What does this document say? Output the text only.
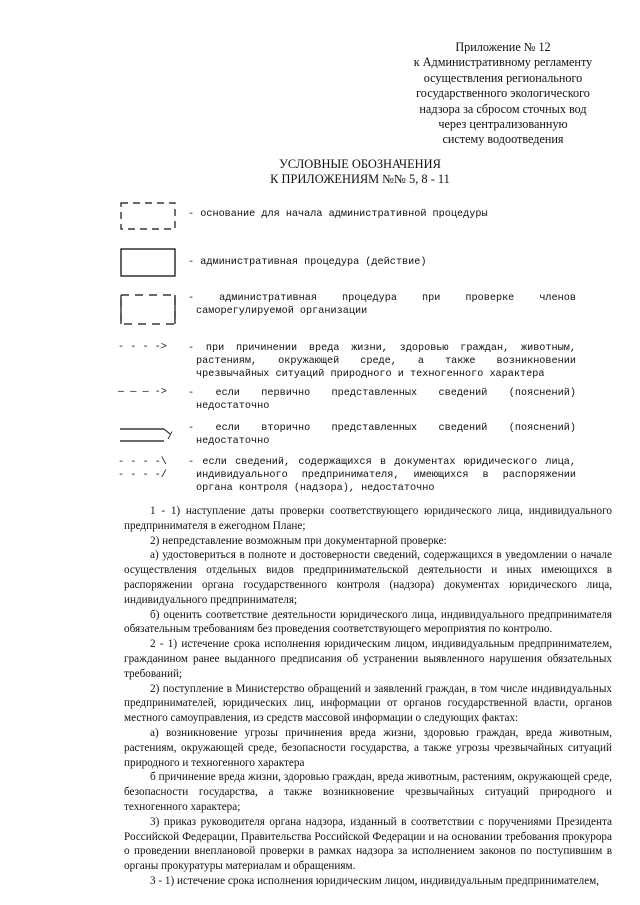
Приложение № 12
к Административному регламенту
осуществления регионального
государственного экологического
надзора за сбросом сточных вод
через централизованную
систему водоотведения
УСЛОВНЫЕ ОБОЗНАЧЕНИЯ
К ПРИЛОЖЕНИЯМ №№ 5, 8 - 11
- основание для начала административной процедуры
- административная процедура (действие)
- административная процедура при проверке членов
саморегулируемой организации
- - - -> - при причинении вреда жизни, здоровью граждан, животным,
растениям, окружающей среде, а также возникновении
чрезвычайных ситуаций природного и техногенного характера
— — — -> - если первично представленных сведений (пояснений)
недостаточно
/
- если вторично представленных сведений (пояснений)
недостаточно
- - - -\
- - - -/
- если сведений, содержащихся в документах юридического лица,
индивидуального предпринимателя, имеющихся в распоряжении
органа контроля (надзора), недостаточно

1 - 1) наступление даты проверки соответствующего юридического лица, индивидуального предпринимателя в ежегодном Плане;

2) непредставление возможным при документарной проверке:

а) удостовериться в полноте и достоверности сведений, содержащихся в уведомлении о начале осуществления отдельных видов предпринимательской деятельности и иных имеющихся в распоряжении органа государственного контроля (надзора) документах юридического лица, индивидуального предпринимателя;

б) оценить соответствие деятельности юридического лица, индивидуального предпринимателя обязательным требованиям без проведения соответствующего мероприятия по контролю.

2 - 1) истечение срока исполнения юридическим лицом, индивидуальным предпринимателем, гражданином ранее выданного предписания об устранении выявленного нарушения обязательных требований;

2) поступление в Министерство обращений и заявлений граждан, в том числе индивидуальных предпринимателей, юридических лиц, информации от органов государственной власти, органов местного самоуправления, из средств массовой информации о следующих фактах:

а) возникновение угрозы причинения вреда жизни, здоровью граждан, вреда животным, растениям, окружающей среде, безопасности государства, а также угрозы чрезвычайных ситуаций природного и техногенного характера

б причинение вреда жизни, здоровью граждан, вреда животным, растениям, окружающей среде, безопасности государства, а также возникновение чрезвычайных ситуаций природного и техногенного характера;

3) приказ руководителя органа надзора, изданный в соответствии с поручениями Президента Российской Федерации, Правительства Российской Федерации и на основании требования прокурора о проведении внеплановой проверки в рамках надзора за исполнением законов по поступившим в органы прокуратуры материалам и обращениям.

3 - 1) истечение срока исполнения юридическим лицом, индивидуальным предпринимателем,
